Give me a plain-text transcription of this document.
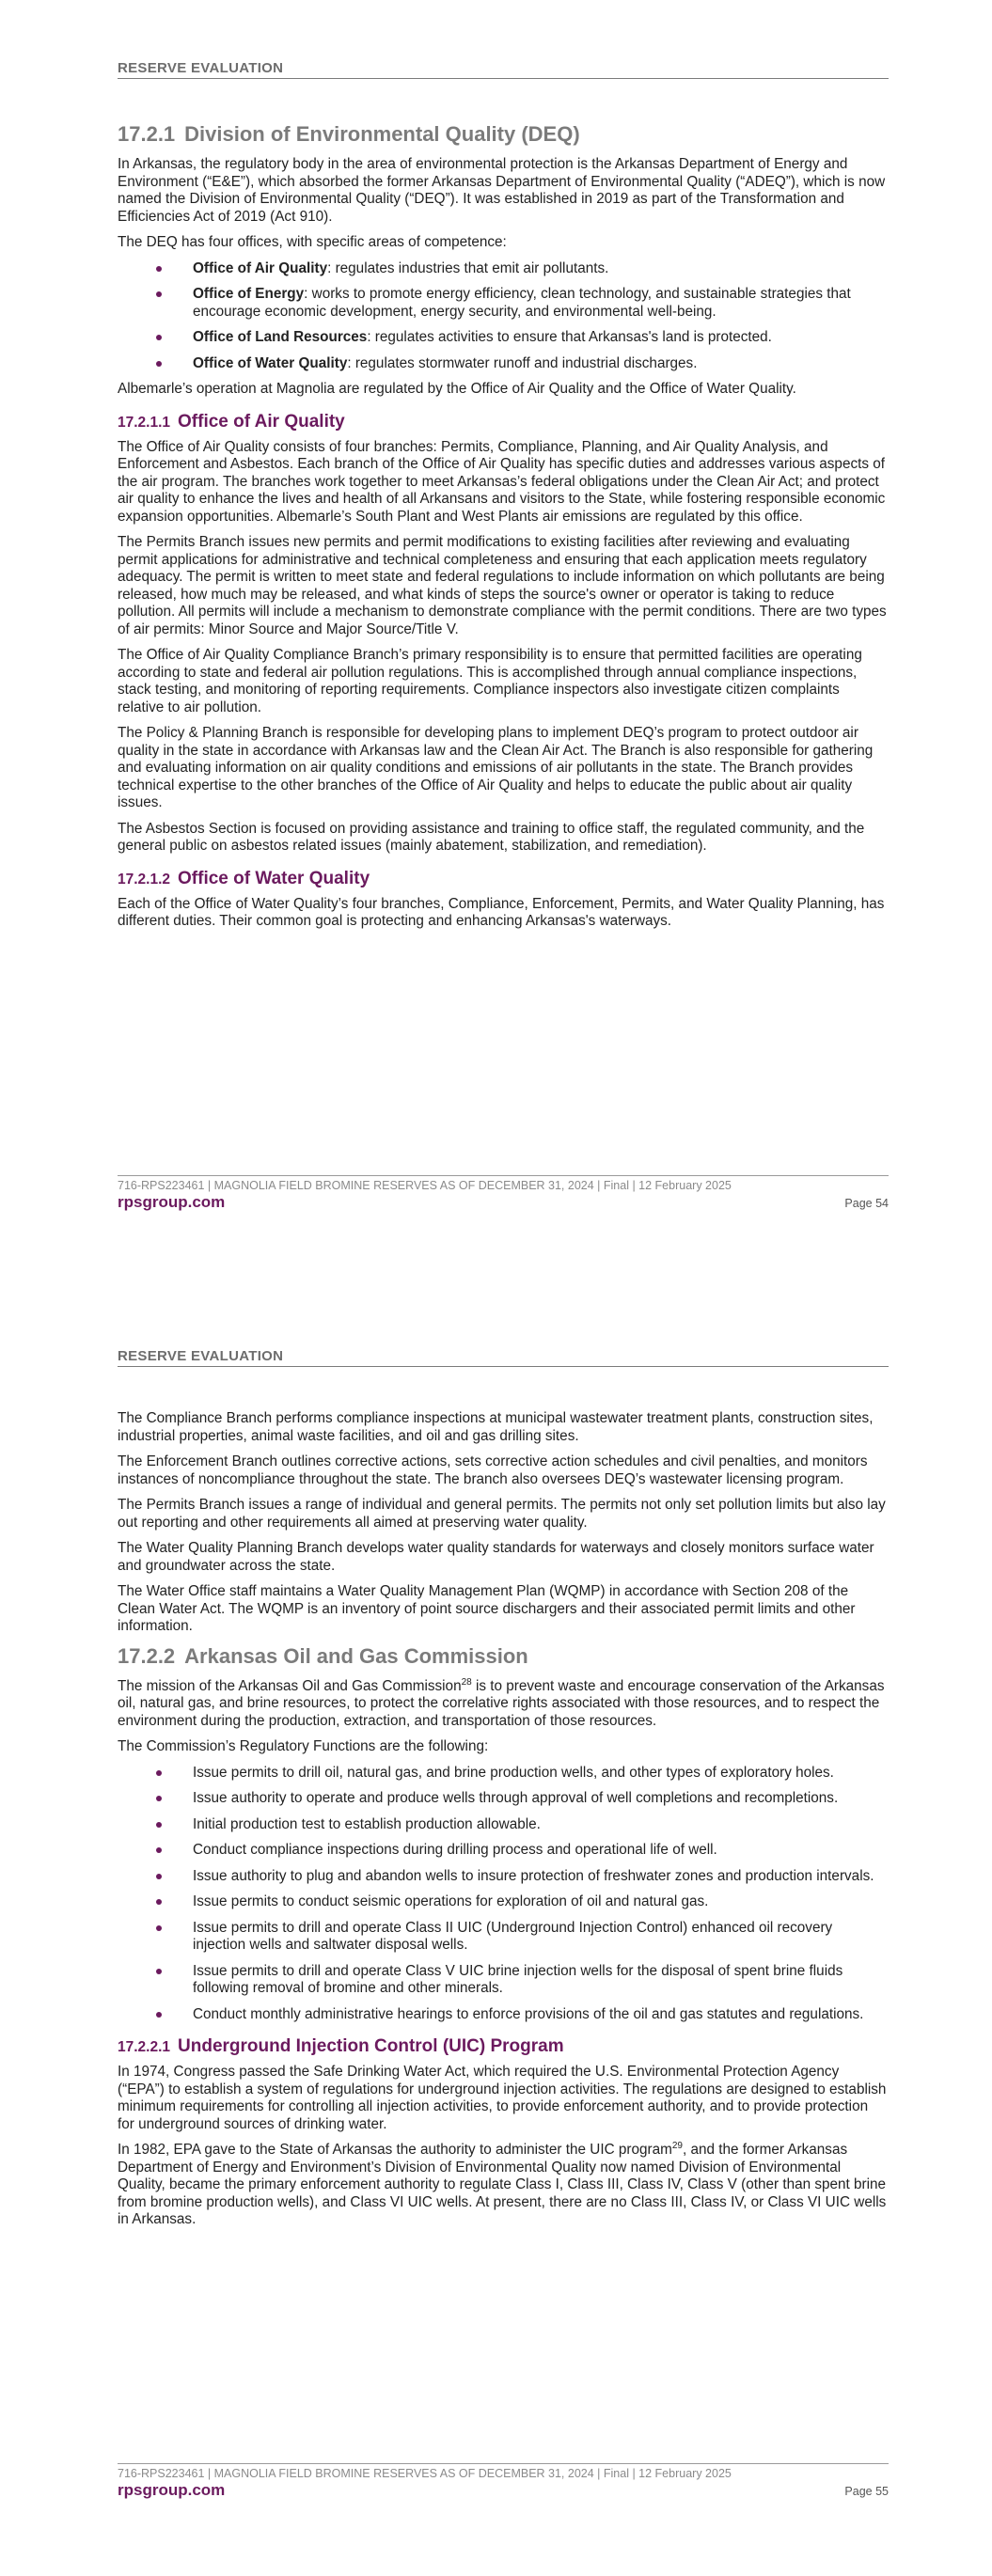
RESERVE EVALUATION
17.2.1 Division of Environmental Quality (DEQ)

In Arkansas, the regulatory body in the area of environmental protection is the Arkansas Department of Energy and Environment (“E&E”), which absorbed the former Arkansas Department of Environmental Quality (“ADEQ”), which is now named the Division of Environmental Quality (“DEQ”). It was established in 2019 as part of the Transformation and Efficiencies Act of 2019 (Act 910).

The DEQ has four offices, with specific areas of competence:

Office of Air Quality: regulates industries that emit air pollutants.
Office of Energy: works to promote energy efficiency, clean technology, and sustainable strategies that encourage economic development, energy security, and environmental well-being.
Office of Land Resources: regulates activities to ensure that Arkansas's land is protected.
Office of Water Quality: regulates stormwater runoff and industrial discharges.

Albemarle’s operation at Magnolia are regulated by the Office of Air Quality and the Office of Water Quality.

17.2.1.1 Office of Air Quality

The Office of Air Quality consists of four branches: Permits, Compliance, Planning, and Air Quality Analysis, and Enforcement and Asbestos. Each branch of the Office of Air Quality has specific duties and addresses various aspects of the air program. The branches work together to meet Arkansas’s federal obligations under the Clean Air Act; and protect air quality to enhance the lives and health of all Arkansans and visitors to the State, while fostering responsible economic expansion opportunities. Albemarle’s South Plant and West Plants air emissions are regulated by this office.

The Permits Branch issues new permits and permit modifications to existing facilities after reviewing and evaluating permit applications for administrative and technical completeness and ensuring that each application meets regulatory adequacy. The permit is written to meet state and federal regulations to include information on which pollutants are being released, how much may be released, and what kinds of steps the source's owner or operator is taking to reduce pollution. All permits will include a mechanism to demonstrate compliance with the permit conditions. There are two types of air permits: Minor Source and Major Source/Title V.

The Office of Air Quality Compliance Branch’s primary responsibility is to ensure that permitted facilities are operating according to state and federal air pollution regulations. This is accomplished through annual compliance inspections, stack testing, and monitoring of reporting requirements. Compliance inspectors also investigate citizen complaints relative to air pollution.

The Policy & Planning Branch is responsible for developing plans to implement DEQ’s program to protect outdoor air quality in the state in accordance with Arkansas law and the Clean Air Act. The Branch is also responsible for gathering and evaluating information on air quality conditions and emissions of air pollutants in the state. The Branch provides technical expertise to the other branches of the Office of Air Quality and helps to educate the public about air quality issues.

The Asbestos Section is focused on providing assistance and training to office staff, the regulated community, and the general public on asbestos related issues (mainly abatement, stabilization, and remediation).

17.2.1.2 Office of Water Quality

Each of the Office of Water Quality’s four branches, Compliance, Enforcement, Permits, and Water Quality Planning, has different duties. Their common goal is protecting and enhancing Arkansas's waterways.

716-RPS223461 | MAGNOLIA FIELD BROMINE RESERVES AS OF DECEMBER 31, 2024 | Final | 12 February 2025
rpsgroup.com	Page 54
RESERVE EVALUATION

The Compliance Branch performs compliance inspections at municipal wastewater treatment plants, construction sites, industrial properties, animal waste facilities, and oil and gas drilling sites.

The Enforcement Branch outlines corrective actions, sets corrective action schedules and civil penalties, and monitors instances of noncompliance throughout the state. The branch also oversees DEQ’s wastewater licensing program.

The Permits Branch issues a range of individual and general permits. The permits not only set pollution limits but also lay out reporting and other requirements all aimed at preserving water quality.

The Water Quality Planning Branch develops water quality standards for waterways and closely monitors surface water and groundwater across the state.

The Water Office staff maintains a Water Quality Management Plan (WQMP) in accordance with Section 208 of the Clean Water Act. The WQMP is an inventory of point source dischargers and their associated permit limits and other information.

17.2.2 Arkansas Oil and Gas Commission

The mission of the Arkansas Oil and Gas Commission$^{28}$ is to prevent waste and encourage conservation of the Arkansas oil, natural gas, and brine resources, to protect the correlative rights associated with those resources, and to respect the environment during the production, extraction, and transportation of those resources.

The Commission’s Regulatory Functions are the following:

Issue permits to drill oil, natural gas, and brine production wells, and other types of exploratory holes.
Issue authority to operate and produce wells through approval of well completions and recompletions.
Initial production test to establish production allowable.
Conduct compliance inspections during drilling process and operational life of well.
Issue authority to plug and abandon wells to insure protection of freshwater zones and production intervals.
Issue permits to conduct seismic operations for exploration of oil and natural gas.
Issue permits to drill and operate Class II UIC (Underground Injection Control) enhanced oil recovery injection wells and saltwater disposal wells.
Issue permits to drill and operate Class V UIC brine injection wells for the disposal of spent brine fluids following removal of bromine and other minerals.
Conduct monthly administrative hearings to enforce provisions of the oil and gas statutes and regulations.
17.2.2.1 Underground Injection Control (UIC) Program

In 1974, Congress passed the Safe Drinking Water Act, which required the U.S. Environmental Protection Agency (“EPA”) to establish a system of regulations for underground injection activities. The regulations are designed to establish minimum requirements for controlling all injection activities, to provide enforcement authority, and to provide protection for underground sources of drinking water.

In 1982, EPA gave to the State of Arkansas the authority to administer the UIC program$^{29}$, and the former Arkansas Department of Energy and Environment’s Division of Environmental Quality now named Division of Environmental Quality, became the primary enforcement authority to regulate Class I, Class III, Class IV, Class V (other than spent brine from bromine production wells), and Class VI UIC wells. At present, there are no Class III, Class IV, or Class VI UIC wells in Arkansas.

716-RPS223461 | MAGNOLIA FIELD BROMINE RESERVES AS OF DECEMBER 31, 2024 | Final | 12 February 2025
rpsgroup.com	Page 55
